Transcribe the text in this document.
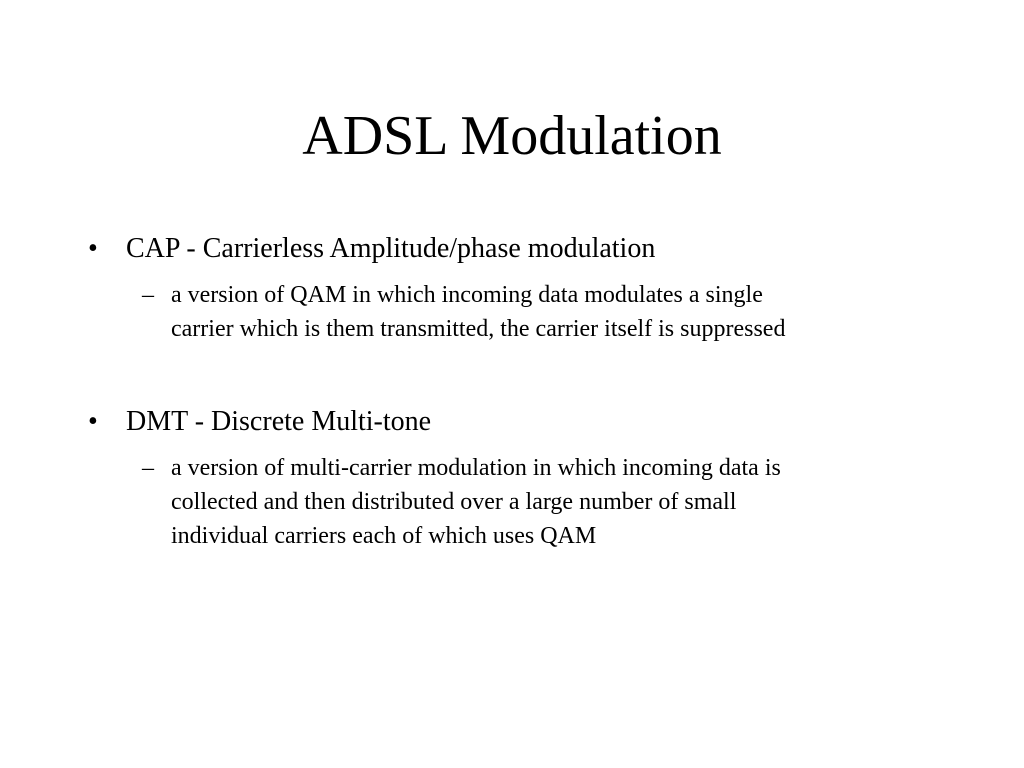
ADSL Modulation
•	CAP - Carrierless Amplitude/phase modulation
– a version of QAM in which incoming data modulates a single
carrier which is them transmitted, the carrier itself is suppressed
•	DMT - Discrete Multi-tone
– a version of multi-carrier modulation in which incoming data is
collected and then distributed over a large number of small
individual carriers each of which uses QAM
